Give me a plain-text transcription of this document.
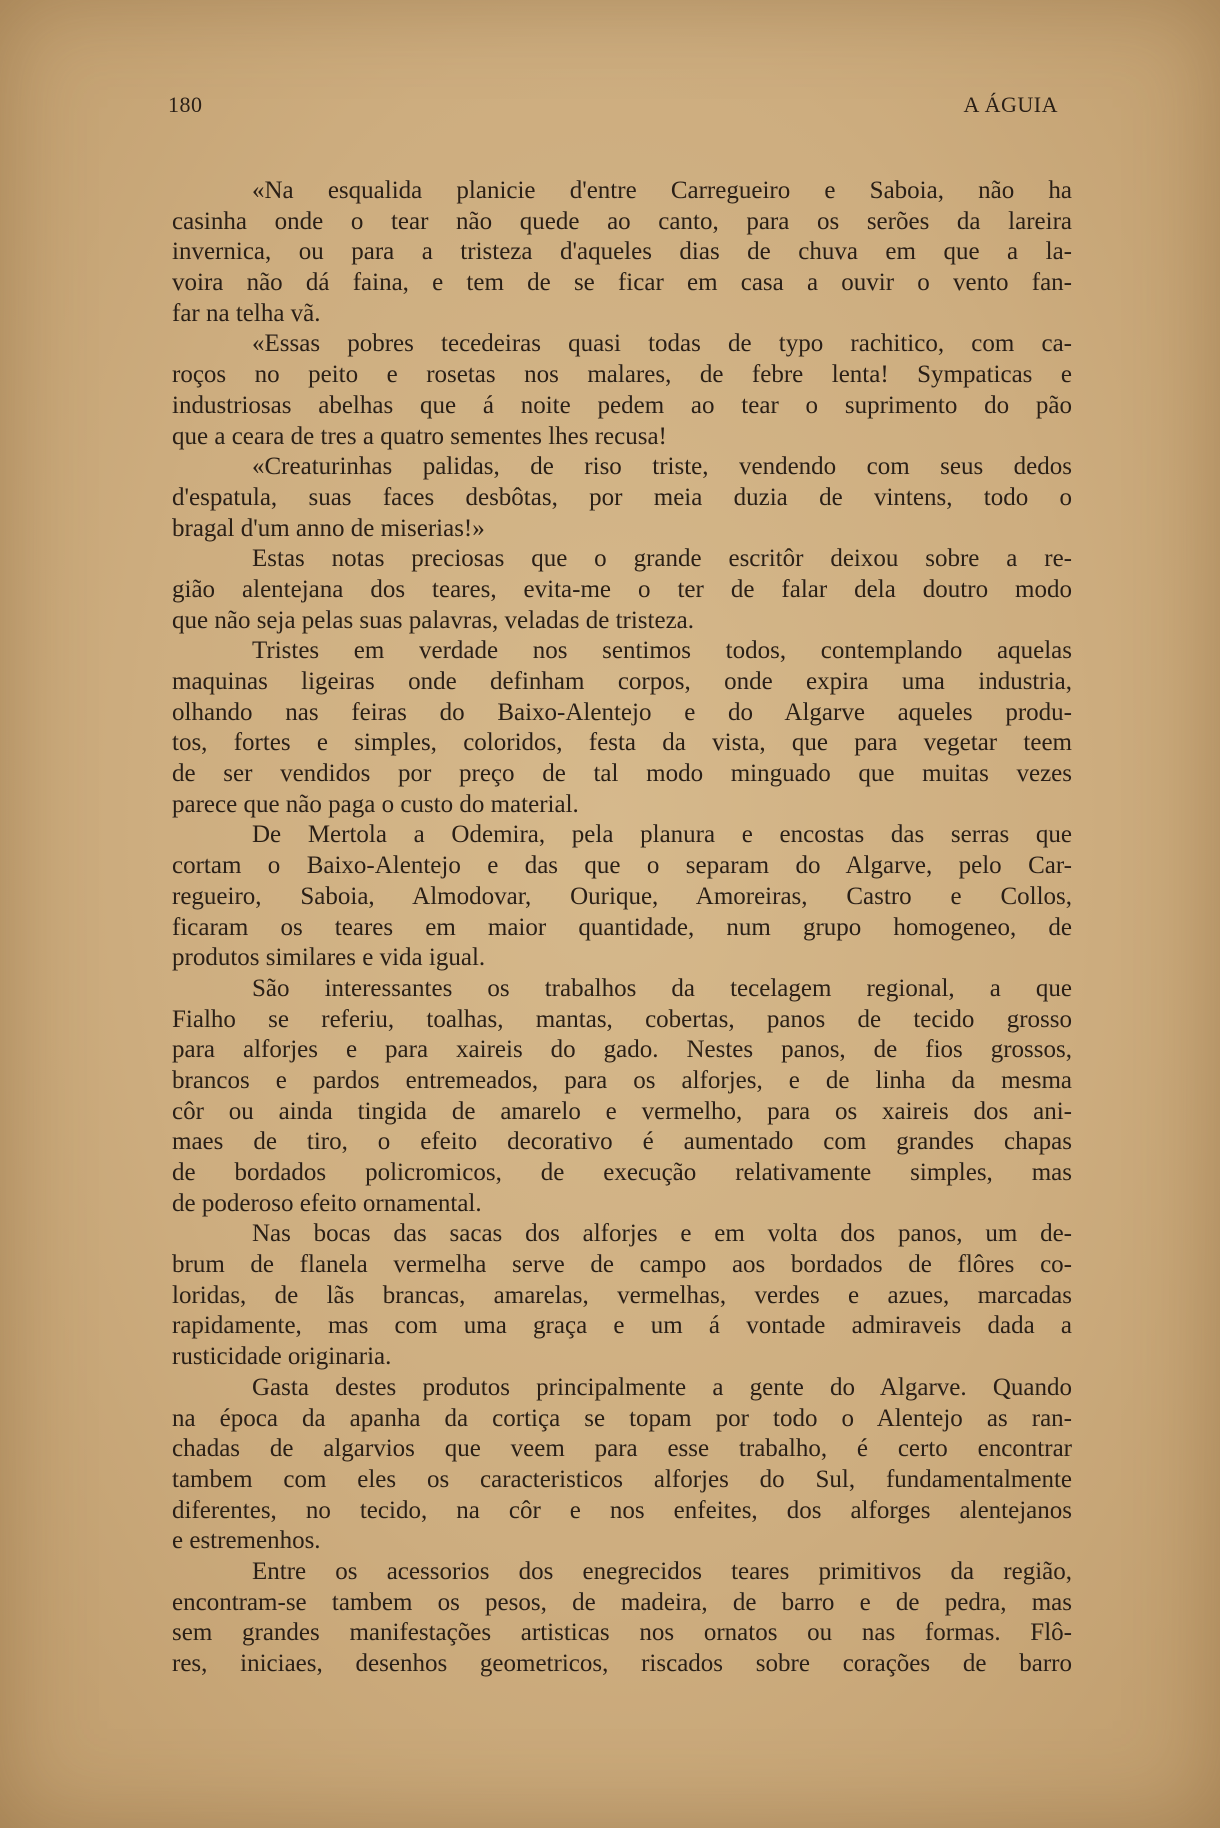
180	A ÁGUIA
«Na esqualida planicie d'entre Carregueiro e Saboia, não ha
casinha onde o tear não quede ao canto, para os serões da lareira
invernica, ou para a tristeza d'aqueles dias de chuva em que a la-
voira não dá faina, e tem de se ficar em casa a ouvir o vento fan-
far na telha vã.
«Essas pobres tecedeiras quasi todas de typo rachitico, com ca-
roços no peito e rosetas nos malares, de febre lenta! Sympaticas e
industriosas abelhas que á noite pedem ao tear o suprimento do pão
que a ceara de tres a quatro sementes lhes recusa!
«Creaturinhas palidas, de riso triste, vendendo com seus dedos
d'espatula, suas faces desbôtas, por meia duzia de vintens, todo o
bragal d'um anno de miserias!»
Estas notas preciosas que o grande escritôr deixou sobre a re-
gião alentejana dos teares, evita-me o ter de falar dela doutro modo
que não seja pelas suas palavras, veladas de tristeza.
Tristes em verdade nos sentimos todos, contemplando aquelas
maquinas ligeiras onde definham corpos, onde expira uma industria,
olhando nas feiras do Baixo-Alentejo e do Algarve aqueles produ-
tos, fortes e simples, coloridos, festa da vista, que para vegetar teem
de ser vendidos por preço de tal modo minguado que muitas vezes
parece que não paga o custo do material.
De Mertola a Odemira, pela planura e encostas das serras que
cortam o Baixo-Alentejo e das que o separam do Algarve, pelo Car-
regueiro, Saboia, Almodovar, Ourique, Amoreiras, Castro e Collos,
ficaram os teares em maior quantidade, num grupo homogeneo, de
produtos similares e vida igual.
São interessantes os trabalhos da tecelagem regional, a que
Fialho se referiu, toalhas, mantas, cobertas, panos de tecido grosso
para alforjes e para xaireis do gado. Nestes panos, de fios grossos,
brancos e pardos entremeados, para os alforjes, e de linha da mesma
côr ou ainda tingida de amarelo e vermelho, para os xaireis dos ani-
maes de tiro, o efeito decorativo é aumentado com grandes chapas
de bordados policromicos, de execução relativamente simples, mas
de poderoso efeito ornamental.
Nas bocas das sacas dos alforjes e em volta dos panos, um de-
brum de flanela vermelha serve de campo aos bordados de flôres co-
loridas, de lãs brancas, amarelas, vermelhas, verdes e azues, marcadas
rapidamente, mas com uma graça e um á vontade admiraveis dada a
rusticidade originaria.
Gasta destes produtos principalmente a gente do Algarve. Quando
na época da apanha da cortiça se topam por todo o Alentejo as ran-
chadas de algarvios que veem para esse trabalho, é certo encontrar
tambem com eles os caracteristicos alforjes do Sul, fundamentalmente
diferentes, no tecido, na côr e nos enfeites, dos alforges alentejanos
e estremenhos.
Entre os acessorios dos enegrecidos teares primitivos da região,
encontram-se tambem os pesos, de madeira, de barro e de pedra, mas
sem grandes manifestações artisticas nos ornatos ou nas formas. Flô-
res, iniciaes, desenhos geometricos, riscados sobre corações de barro
